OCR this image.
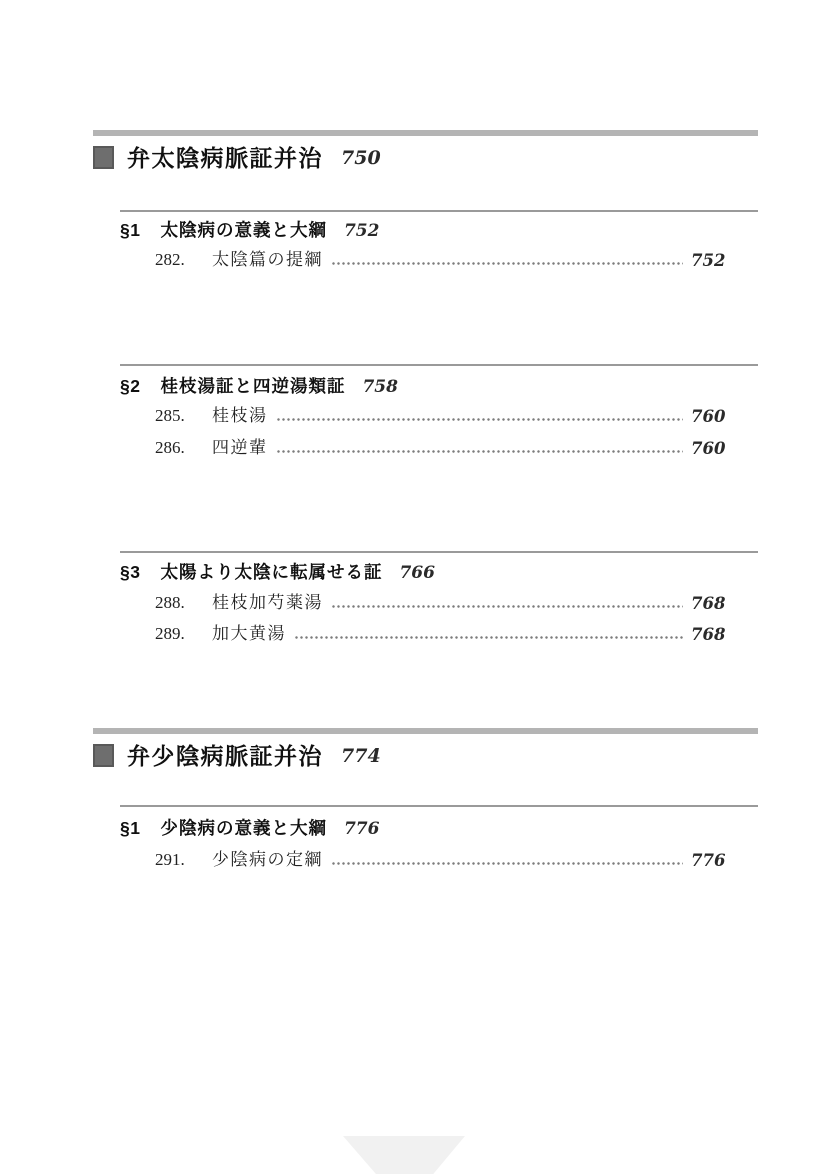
弁太陰病脈証并治 750
§1 太陰病の意義と大綱 752
282.	太陰篇の提綱	752
§2 桂枝湯証と四逆湯類証 758
285.	桂枝湯	760
286.	四逆輩	760
§3 太陽より太陰に転属せる証 766
288.	桂枝加芍薬湯	768
289.	加大黄湯	768
弁少陰病脈証并治 774
§1 少陰病の意義と大綱 776
291.	少陰病の定綱	776
